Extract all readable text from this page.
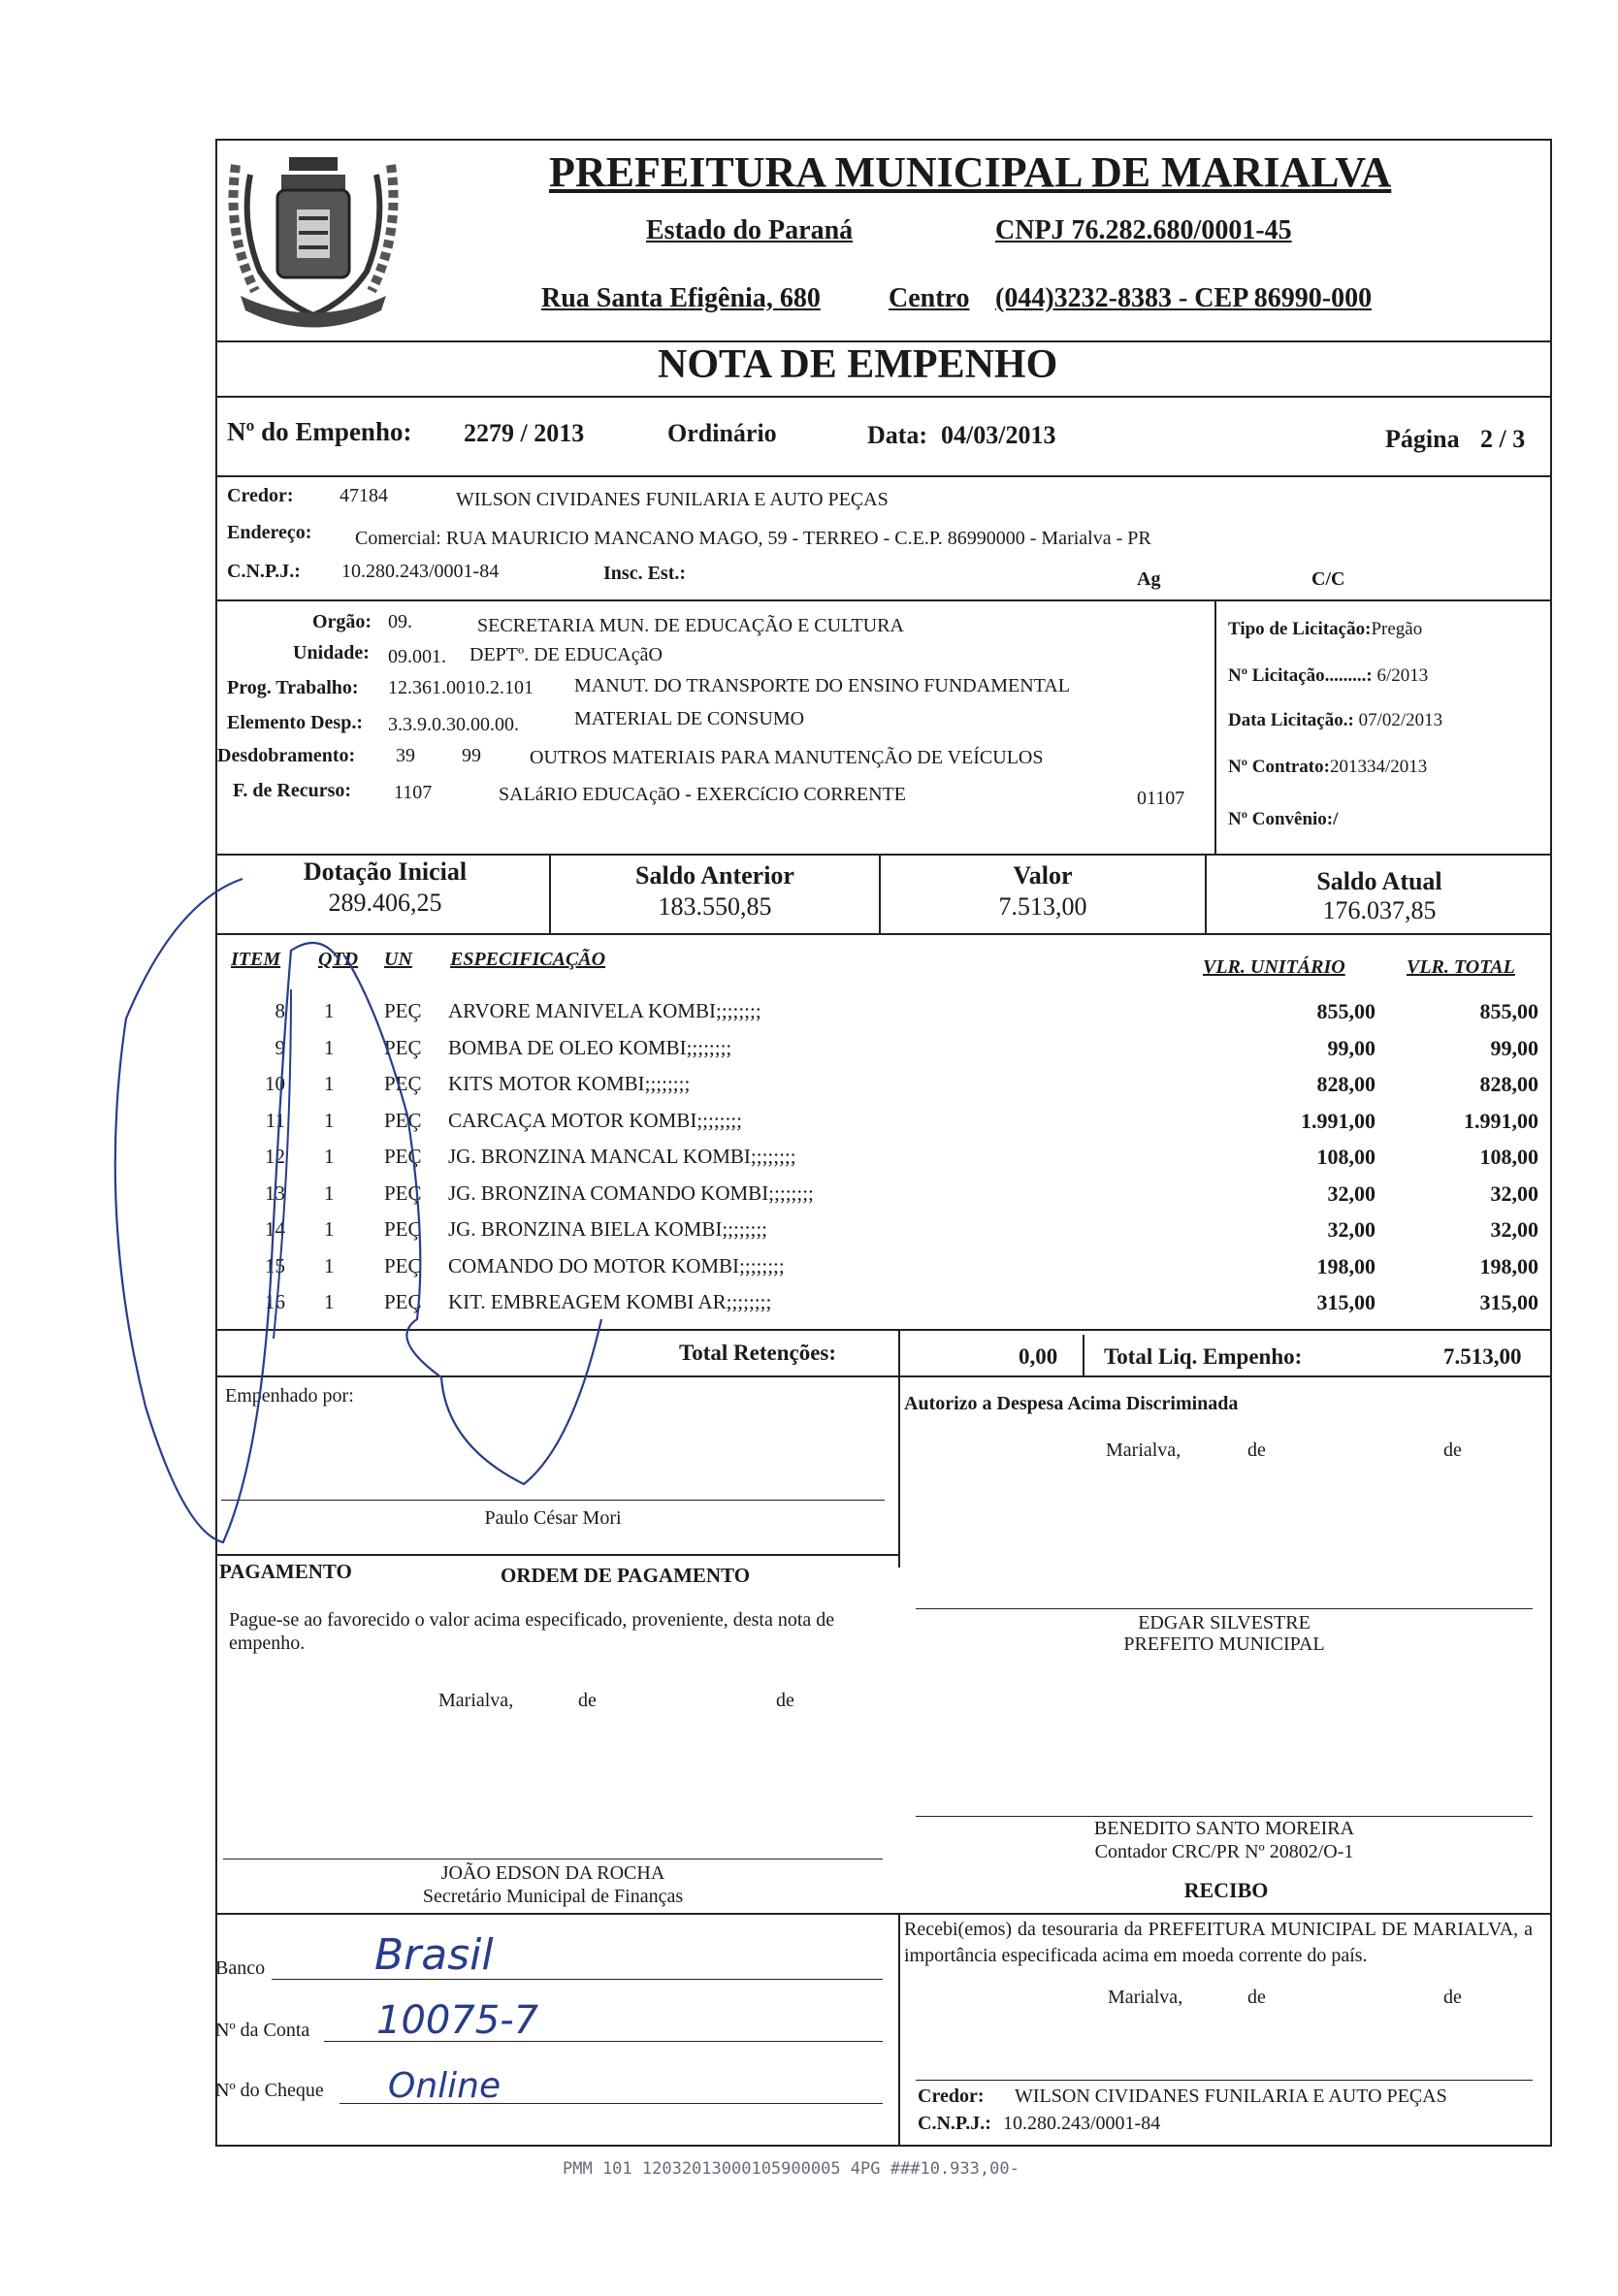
PREFEITURA MUNICIPAL DE MARIALVA
Estado do Paraná	CNPJ 76.282.680/0001-45
Rua Santa Efigênia, 680	Centro (044)3232-8383 - CEP 86990-000
NOTA DE EMPENHO
Nº do Empenho: 2279 / 2013	Ordinário	Data: 04/03/2013	Página 2 / 3
Credor: 47184	WILSON CIVIDANES FUNILARIA E AUTO PEÇAS
Endereço: Comercial: RUA MAURICIO MANCANO MAGO, 59 - TERREO - C.E.P. 86990000 - Marialva - PR
C.N.P.J.: 10.280.243/0001-84	Insc. Est.:	Ag	C/C
Orgão: 09.	SECRETARIA MUN. DE EDUCAÇÃO E CULTURA
Unidade: 09.001. DEPTº. DE EDUCAçãO
Prog. Trabalho: 12.361.0010.2.101 MANUT. DO TRANSPORTE DO ENSINO FUNDAMENTAL
Elemento Desp.: 3.3.9.0.30.00.00.	MATERIAL DE CONSUMO
Desdobramento: 39 99	OUTROS MATERIAIS PARA MANUTENÇÃO DE VEÍCULOS
F. de Recurso: 1107	SALáRIO EDUCAçãO - EXERCíCIO CORRENTE	01107
Tipo de Licitação:Pregão
Nº Licitação.........: 6/2013
Data Licitação.: 07/02/2013
Nº Contrato:201334/2013
Nº Convênio:/
Dotação Inicial
289.406,25
Saldo Anterior
183.550,85
Valor
7.513,00
Saldo Atual
176.037,85
ITEM QTD UN ESPECIFICAÇÃO	VLR. UNITÁRIO	VLR. TOTAL
8 1 PEÇ ARVORE MANIVELA KOMBI;;;;;;;;	855,00	855,00
9 1 PEÇ BOMBA DE OLEO KOMBI;;;;;;;;	99,00	99,00
10 1 PEÇ KITS MOTOR KOMBI;;;;;;;;	828,00	828,00
11 1 PEÇ CARCAÇA MOTOR KOMBI;;;;;;;;	1.991,00	1.991,00
12 1 PEÇ JG. BRONZINA MANCAL KOMBI;;;;;;;;	108,00	108,00
13 1 PEÇ JG. BRONZINA COMANDO KOMBI;;;;;;;;	32,00	32,00
14 1 PEÇ JG. BRONZINA BIELA KOMBI;;;;;;;;	32,00	32,00
15 1 PEÇ COMANDO DO MOTOR KOMBI;;;;;;;;	198,00	198,00
16 1 PEÇ KIT. EMBREAGEM KOMBI AR;;;;;;;;	315,00	315,00
Total Retenções:	0,00 Total Liq. Empenho:	7.513,00
Empenhado por:
Paulo César Mori
Autorizo a Despesa Acima Discriminada
Marialva,	de	de
PAGAMENTO	ORDEM DE PAGAMENTO
Pague-se ao favorecido o valor acima especificado, proveniente, desta nota de empenho.
Marialva,	de	de
JOÃO EDSON DA ROCHA
Secretário Municipal de Finanças
EDGAR SILVESTRE
PREFEITO MUNICIPAL
BENEDITO SANTO MOREIRA
Contador CRC/PR Nº 20802/O-1
RECIBO
Recebi(emos) da tesouraria da PREFEITURA MUNICIPAL DE MARIALVA, a importância especificada acima em moeda corrente do país.
Marialva,	de	de
Credor: WILSON CIVIDANES FUNILARIA E AUTO PEÇAS
C.N.P.J.: 10.280.243/0001-84
Banco	Brasil
Nº da Conta 10075-7
Nº do Cheque Online
PMM 101 12032013000105900005 4PG ###10.933,00-
